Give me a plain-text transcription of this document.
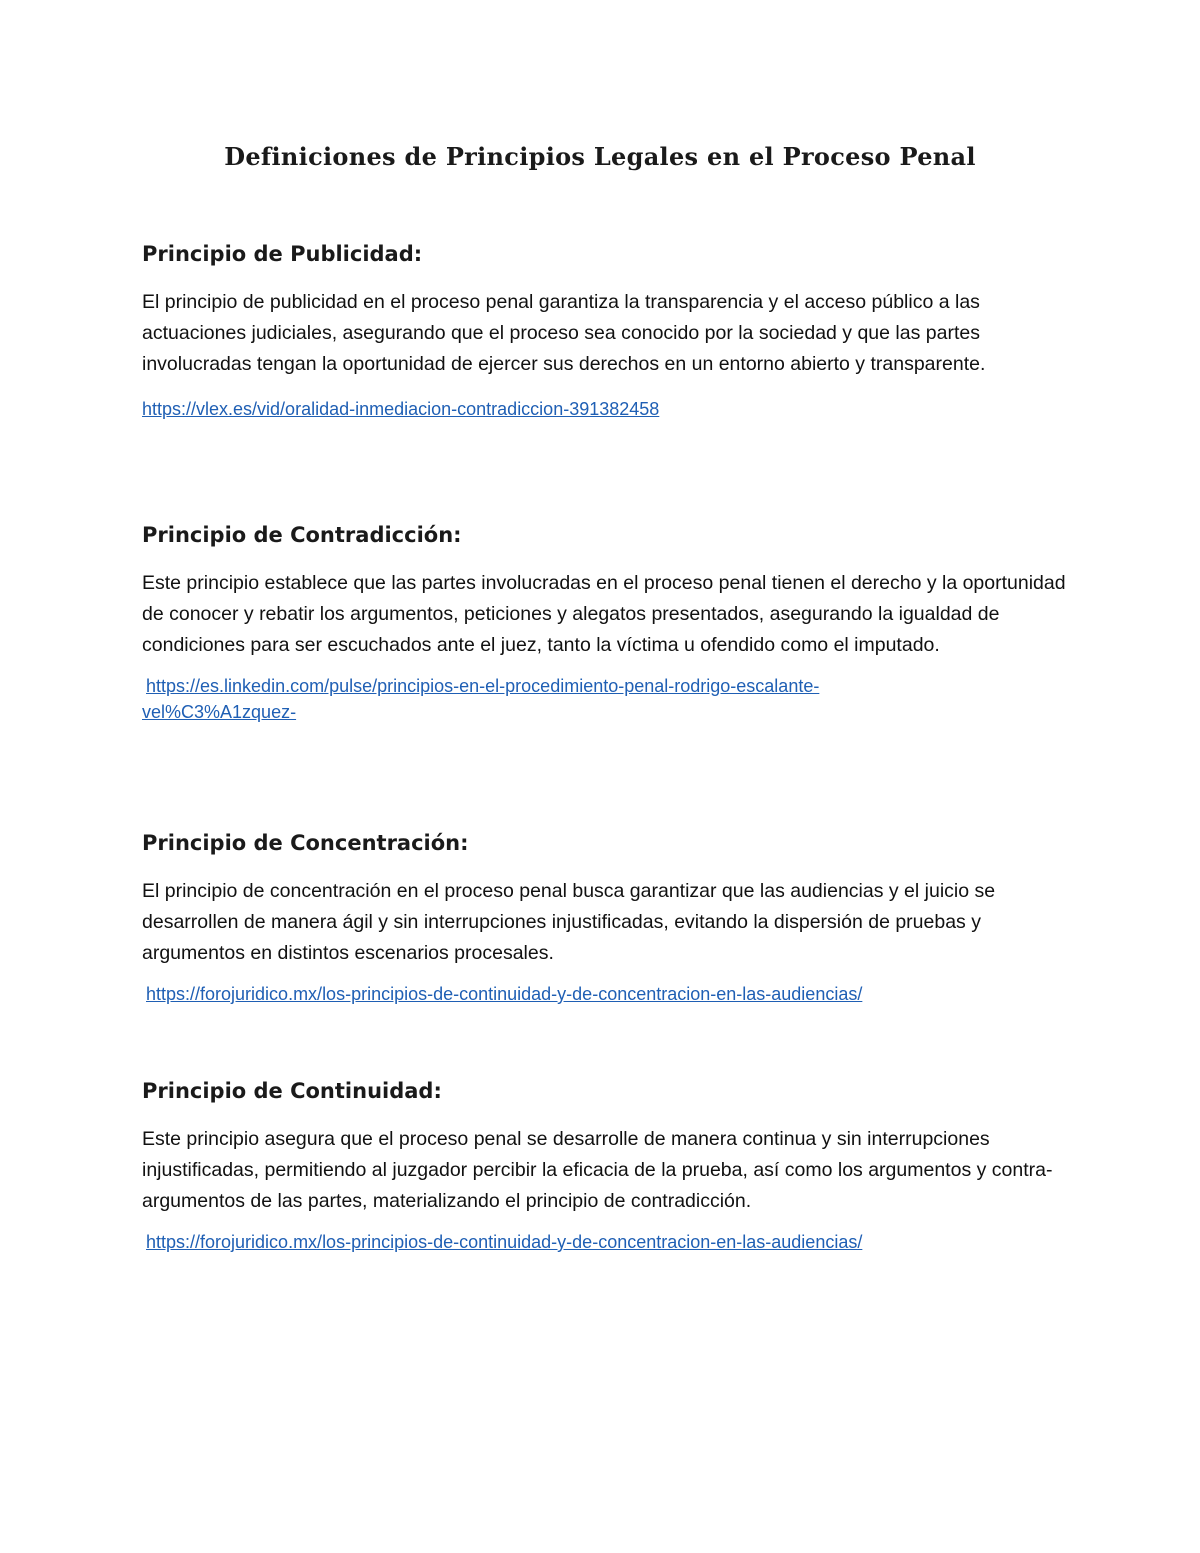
Definiciones de Principios Legales en el Proceso Penal
Principio de Publicidad:

El principio de publicidad en el proceso penal garantiza la transparencia y el acceso público a las actuaciones judiciales, asegurando que el proceso sea conocido por la sociedad y que las partes involucradas tengan la oportunidad de ejercer sus derechos en un entorno abierto y transparente.

https://vlex.es/vid/oralidad-inmediacion-contradiccion-391382458
Principio de Contradicción:

Este principio establece que las partes involucradas en el proceso penal tienen el derecho y la oportunidad de conocer y rebatir los argumentos, peticiones y alegatos presentados, asegurando la igualdad de condiciones para ser escuchados ante el juez, tanto la víctima u ofendido como el imputado.

https://es.linkedin.com/pulse/principios-en-el-procedimiento-penal-rodrigo-escalante-
vel%C3%A1zquez-
Principio de Concentración:

El principio de concentración en el proceso penal busca garantizar que las audiencias y el juicio se desarrollen de manera ágil y sin interrupciones injustificadas, evitando la dispersión de pruebas y argumentos en distintos escenarios procesales.

https://forojuridico.mx/los-principios-de-continuidad-y-de-concentracion-en-las-audiencias/
Principio de Continuidad:

Este principio asegura que el proceso penal se desarrolle de manera continua y sin interrupciones injustificadas, permitiendo al juzgador percibir la eficacia de la prueba, así como los argumentos y contra-argumentos de las partes, materializando el principio de contradicción.

https://forojuridico.mx/los-principios-de-continuidad-y-de-concentracion-en-las-audiencias/
